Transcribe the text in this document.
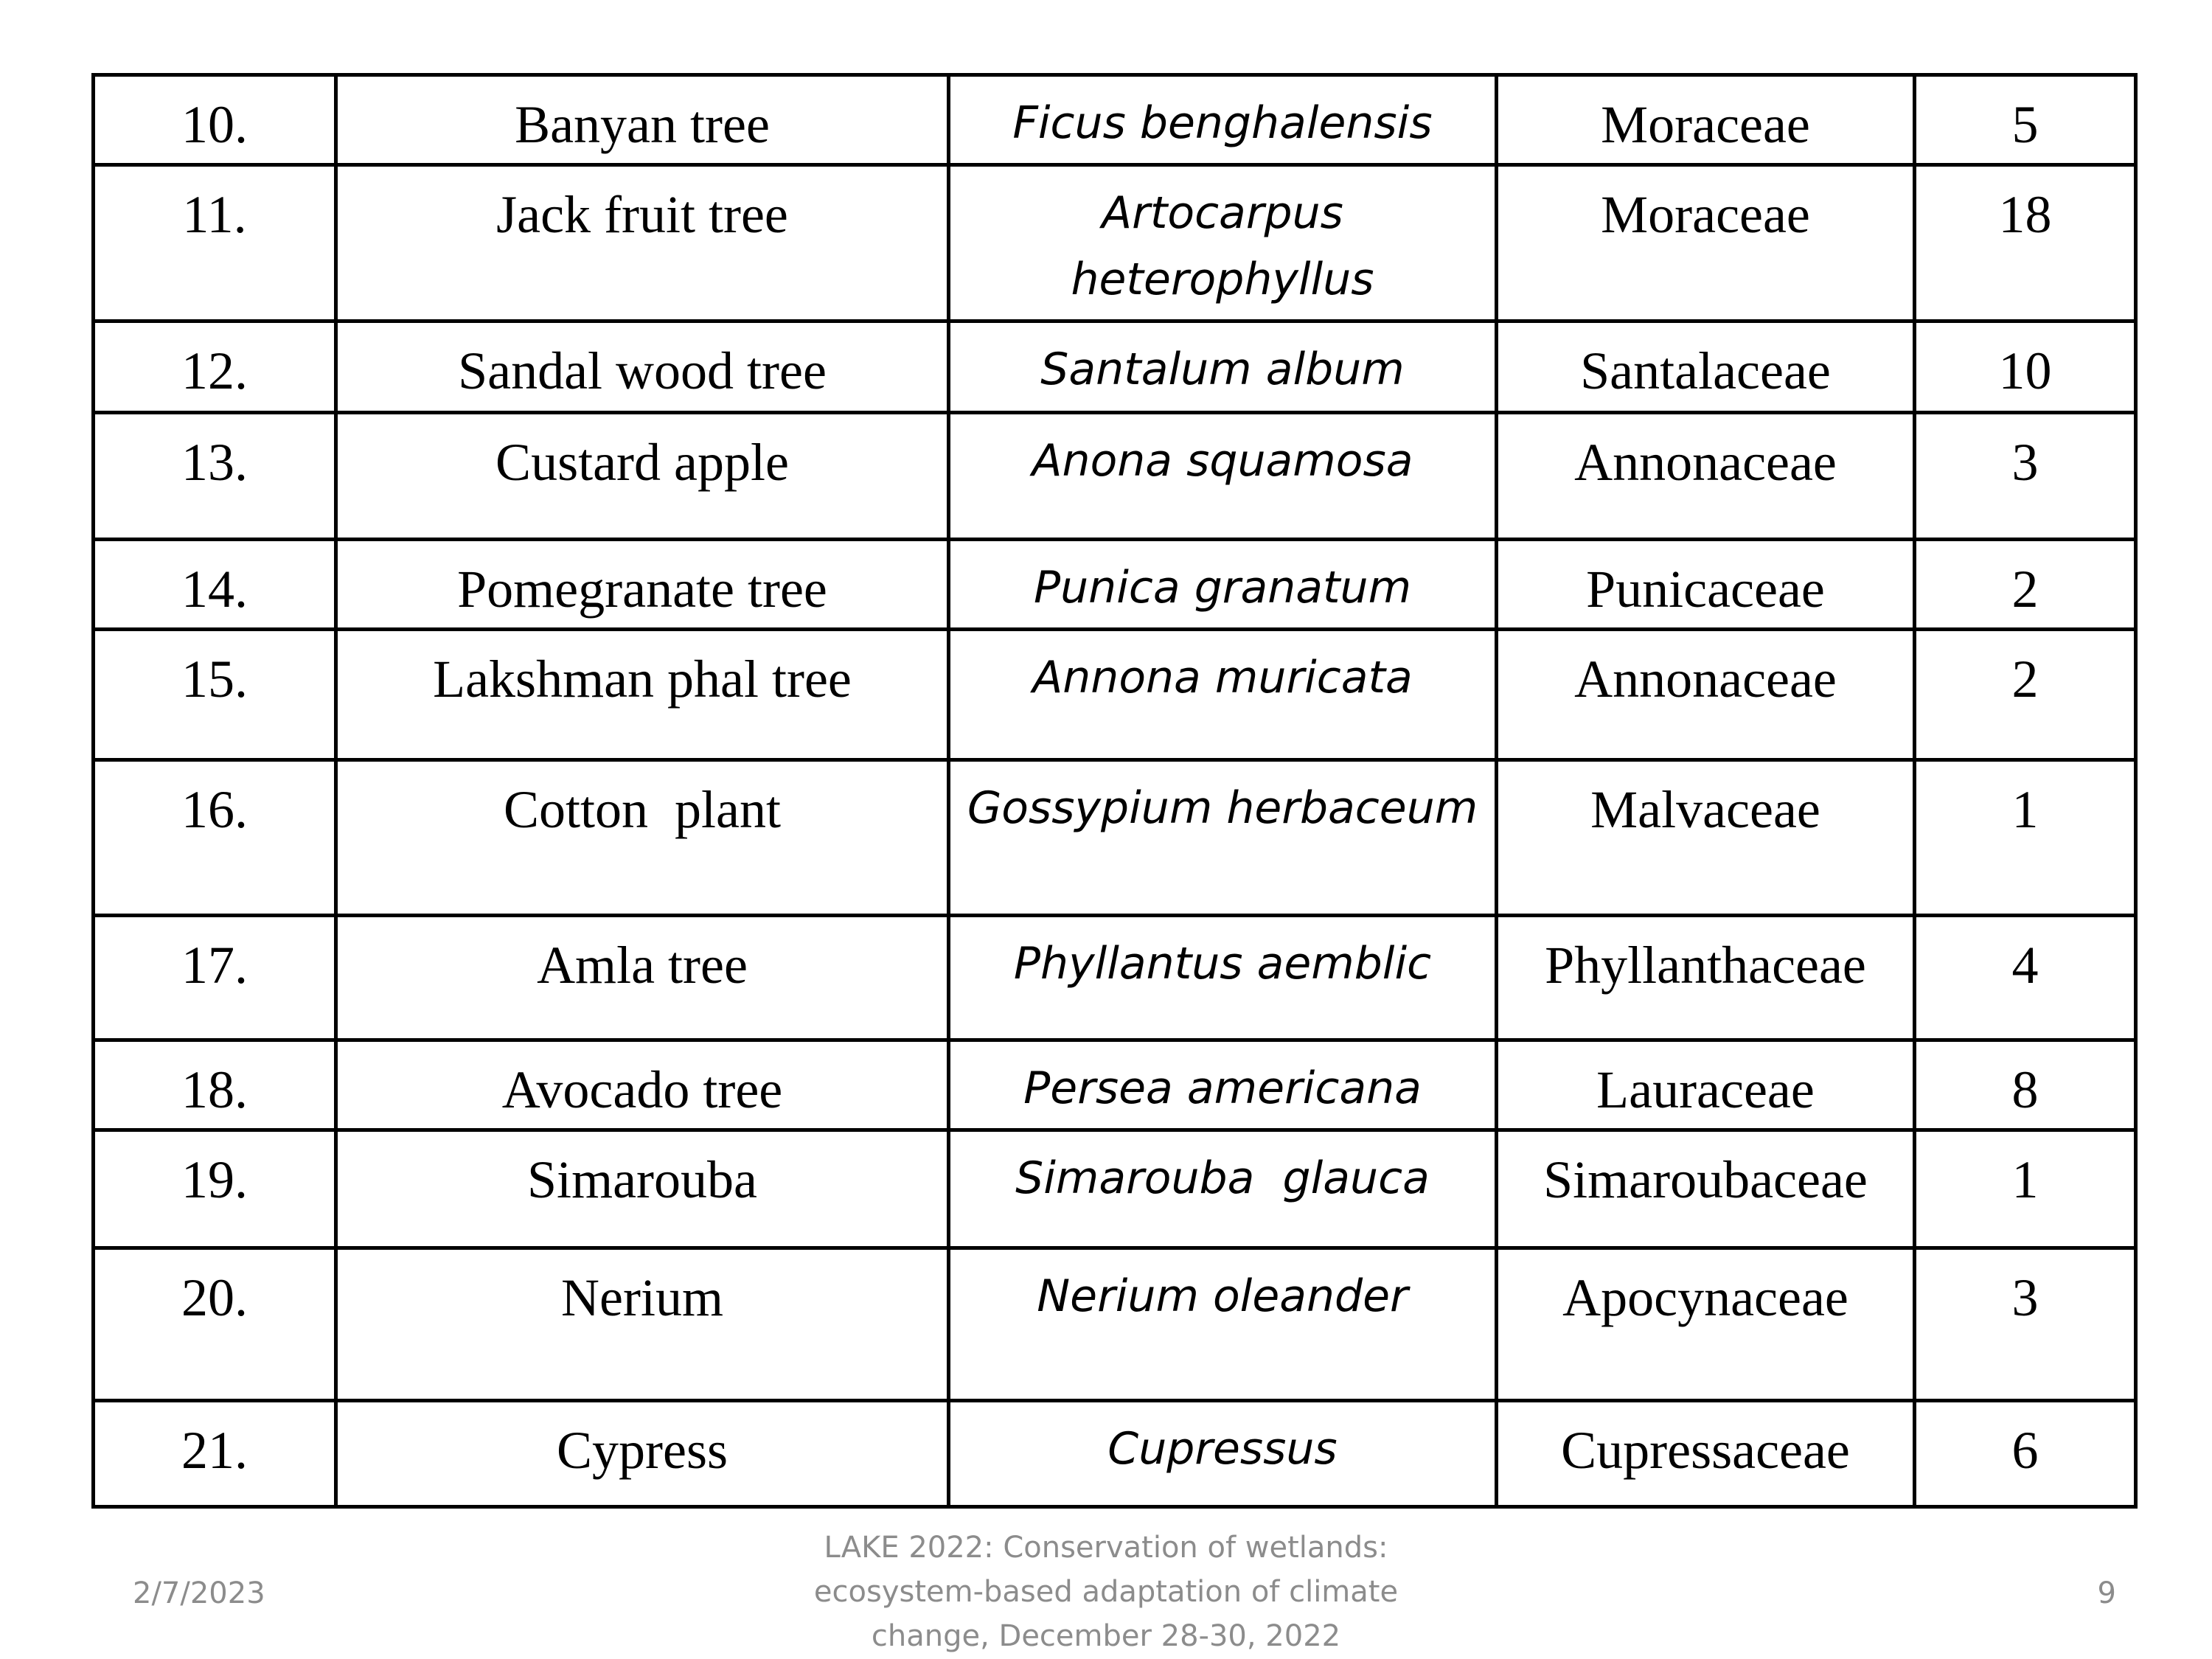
10.	Banyan tree	Ficus benghalensis	Moraceae	5
11.	Jack fruit tree	Artocarpus heterophyllus	Moraceae	18
12.	Sandal wood tree	Santalum album	Santalaceae	10
13.	Custard apple	Anona squamosa	Annonaceae	3
14.	Pomegranate tree	Punica granatum	Punicaceae	2
15.	Lakshman phal tree	Annona muricata	Annonaceae	2
16.	Cotton  plant	Gossypium herbaceum	Malvaceae	1
17.	Amla tree	Phyllantus aemblic	Phyllanthaceae	4
18.	Avocado tree	Persea americana	Lauraceae	8
19.	Simarouba	Simarouba  glauca	Simaroubaceae	1
20.	Nerium	Nerium oleander	Apocynaceae	3
21.	Cypress	Cupressus	Cupressaceae	6
2/7/2023
LAKE 2022: Conservation of wetlands: ecosystem-based adaptation of climate change, December 28-30, 2022
9
